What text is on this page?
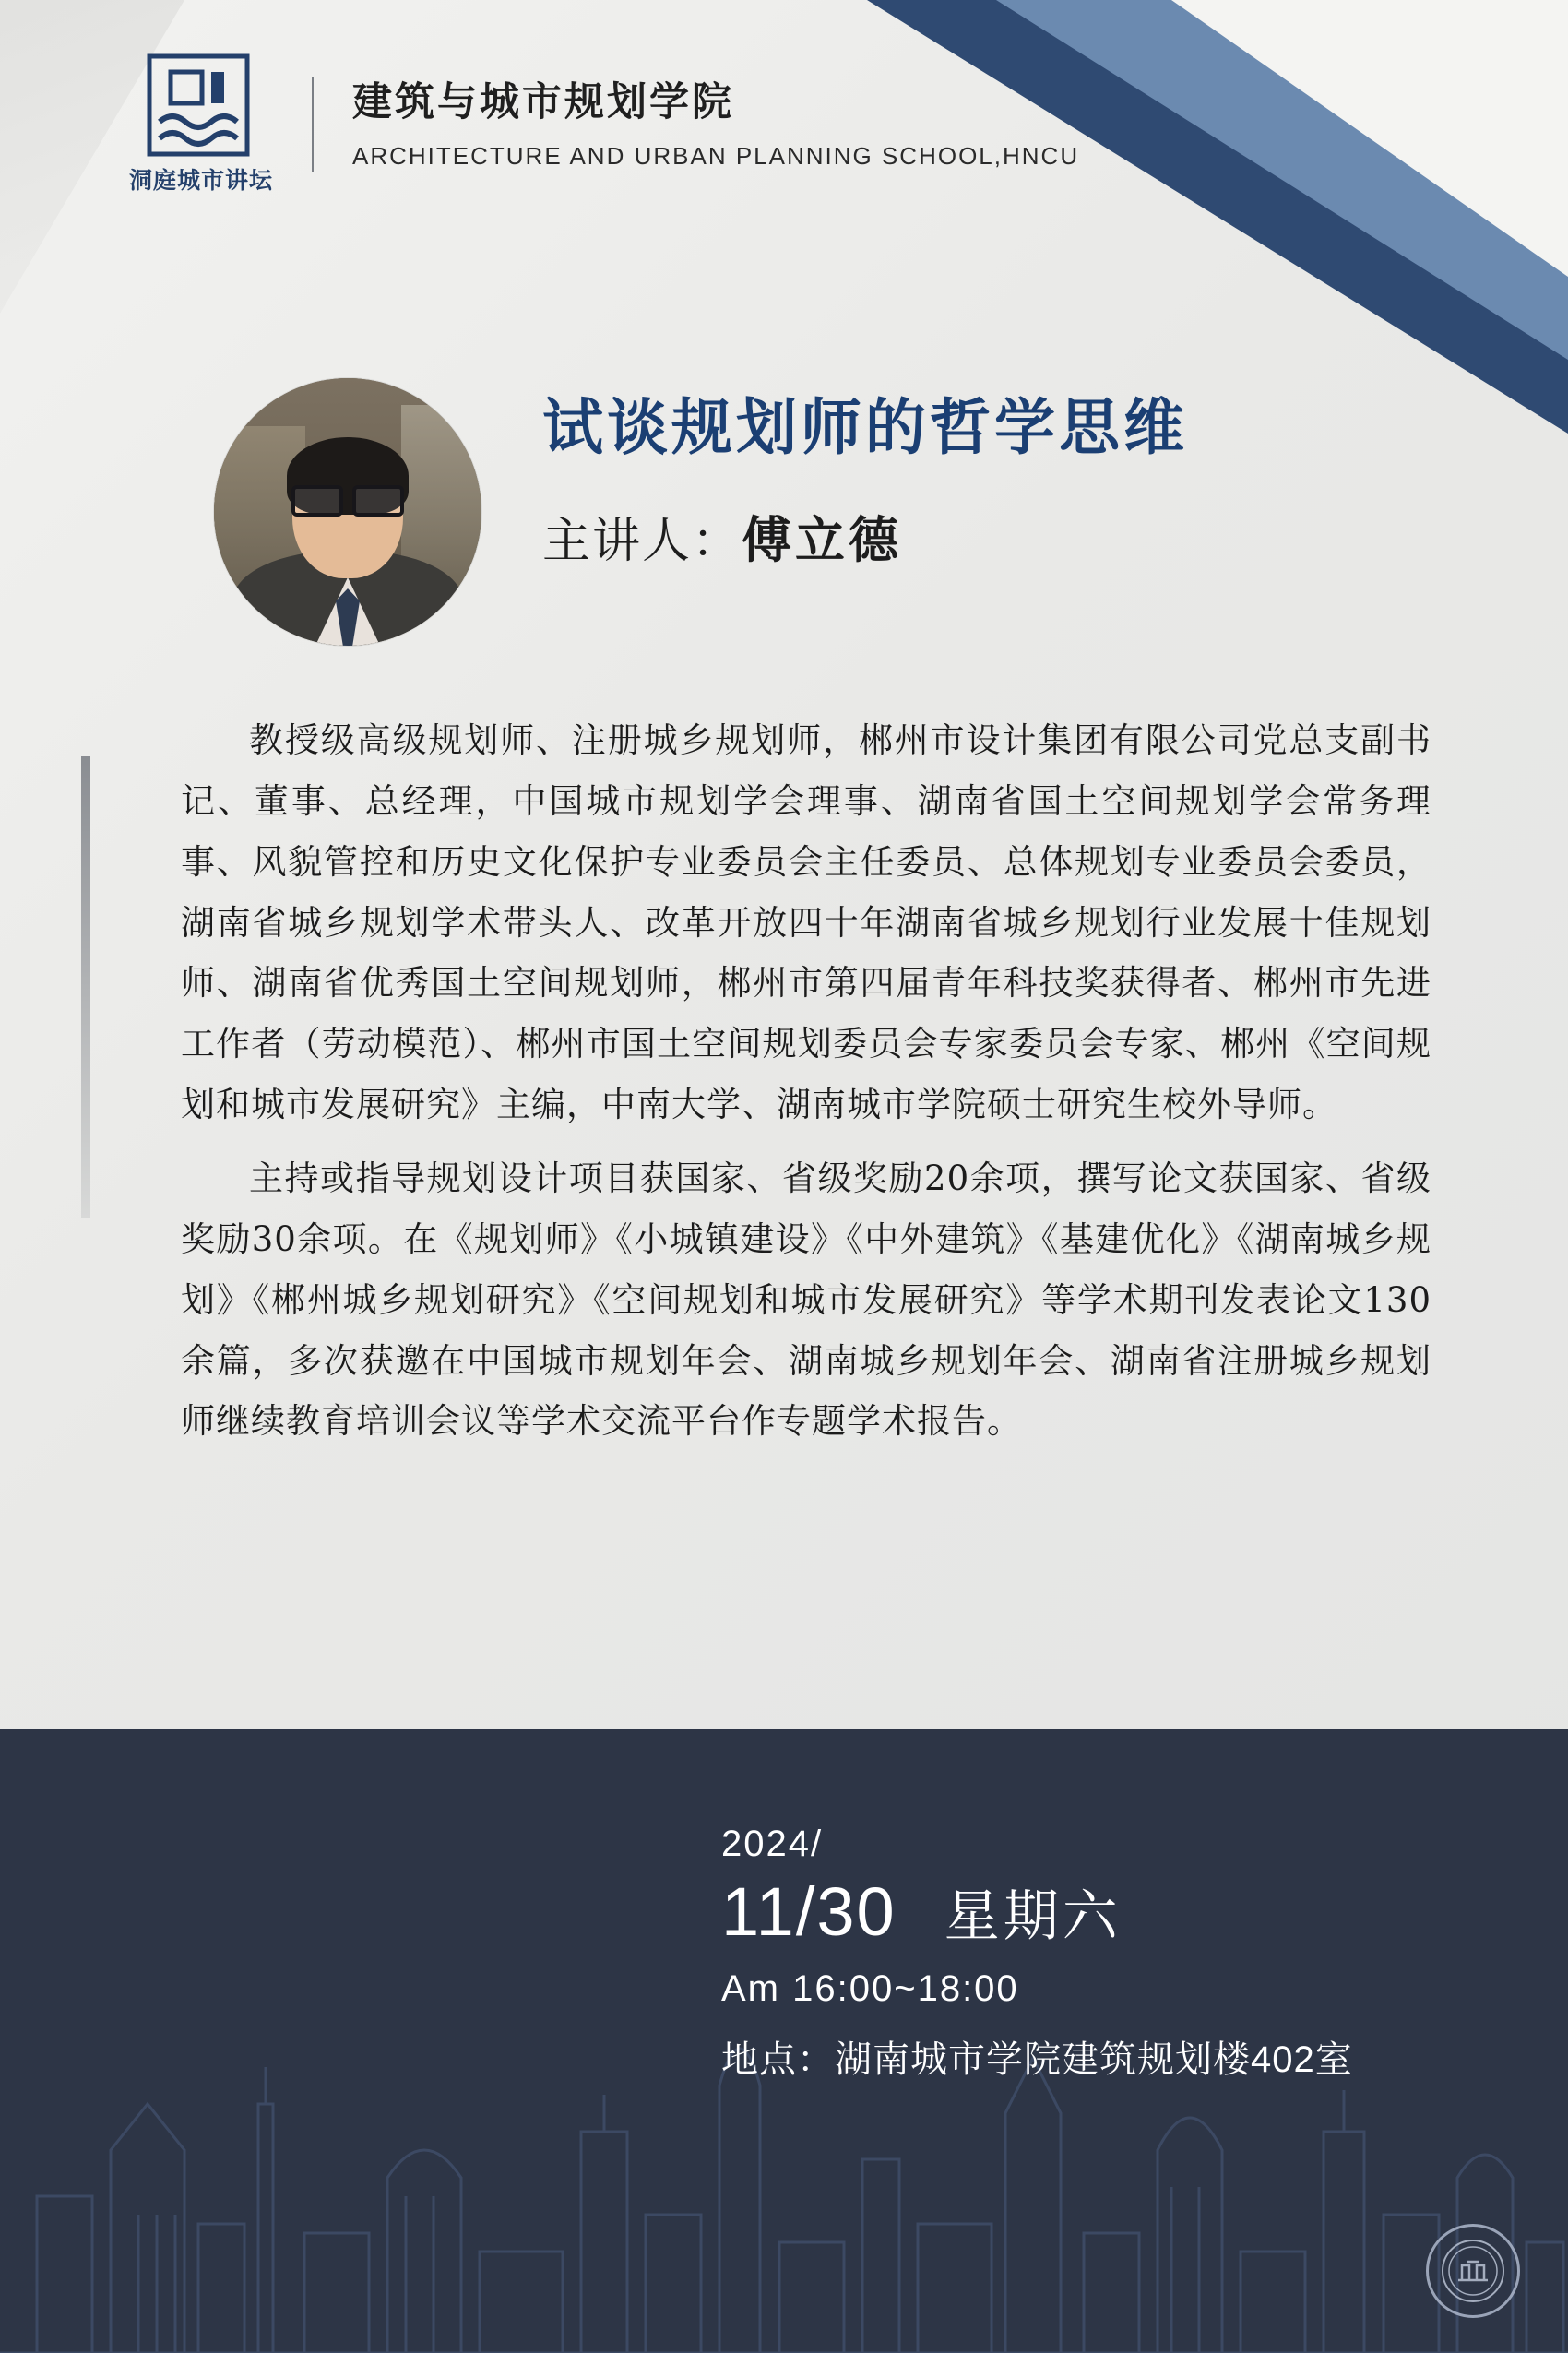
洞庭城市讲坛
建筑与城市规划学院
ARCHITECTURE AND URBAN PLANNING SCHOOL,HNCU
试谈规划师的哲学思维
主讲人：傅立德

教授级高级规划师、注册城乡规划师，郴州市设计集团有限公司党总支副书记、董事、总经理，中国城市规划学会理事、湖南省国土空间规划学会常务理事、风貌管控和历史文化保护专业委员会主任委员、总体规划专业委员会委员，湖南省城乡规划学术带头人、改革开放四十年湖南省城乡规划行业发展十佳规划师、湖南省优秀国土空间规划师，郴州市第四届青年科技奖获得者、郴州市先进工作者（劳动模范）、郴州市国土空间规划委员会专家委员会专家、郴州《空间规划和城市发展研究》主编，中南大学、湖南城市学院硕士研究生校外导师。

主持或指导规划设计项目获国家、省级奖励20余项，撰写论文获国家、省级奖励30余项。在《规划师》《小城镇建设》《中外建筑》《基建优化》《湖南城乡规划》《郴州城乡规划研究》《空间规划和城市发展研究》等学术期刊发表论文130余篇，多次获邀在中国城市规划年会、湖南城乡规划年会、湖南省注册城乡规划师继续教育培训会议等学术交流平台作专题学术报告。

2024/
11/30 星期六
Am 16:00~18:00
地点：湖南城市学院建筑规划楼402室
